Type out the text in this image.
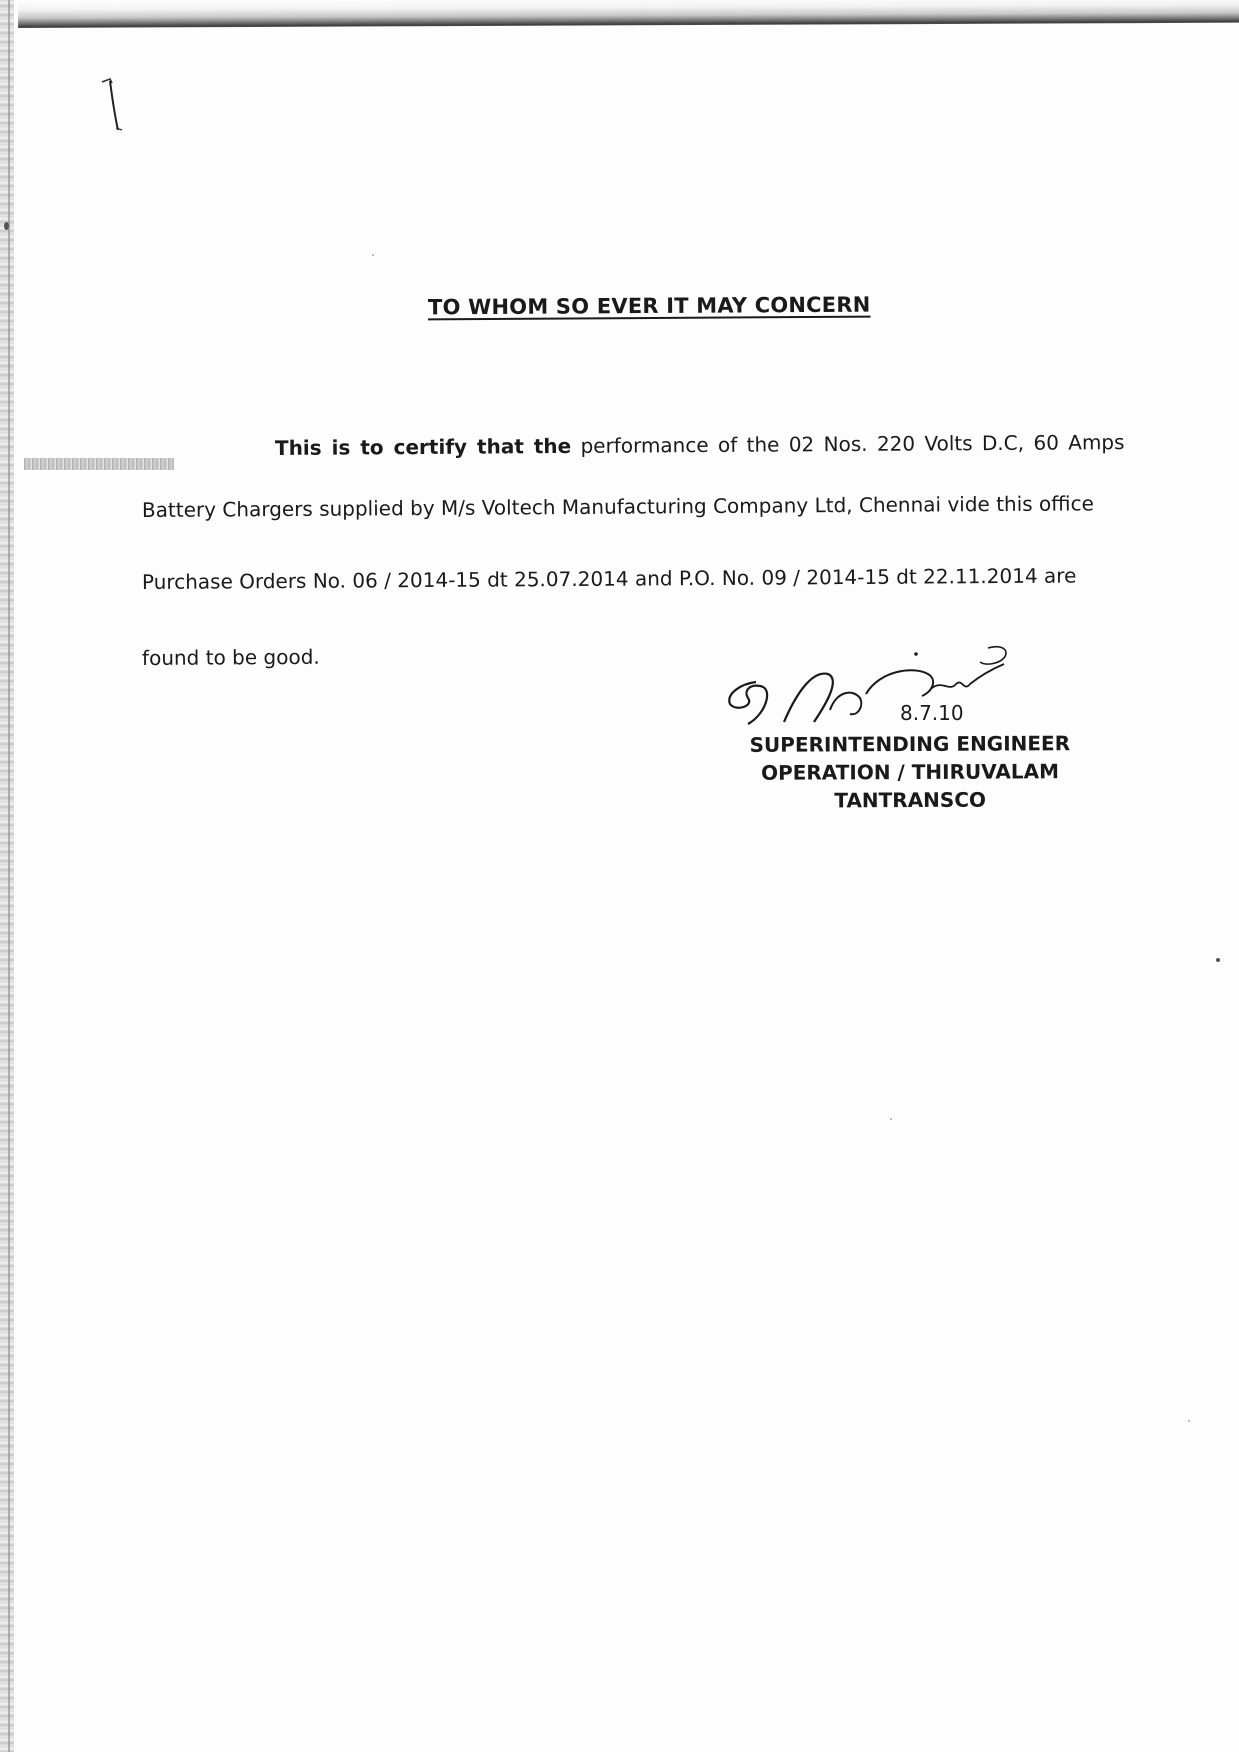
TO WHOM SO EVER IT MAY CONCERN
This is to certify that the performance of the 02 Nos. 220 Volts D.C, 60 Amps
Battery Chargers supplied by M/s Voltech Manufacturing Company Ltd, Chennai vide this office
Purchase Orders No. 06 / 2014-15 dt 25.07.2014 and P.O. No. 09 / 2014-15 dt 22.11.2014 are
found to be good.
8.7.10
SUPERINTENDING ENGINEER
OPERATION / THIRUVALAM
TANTRANSCO
